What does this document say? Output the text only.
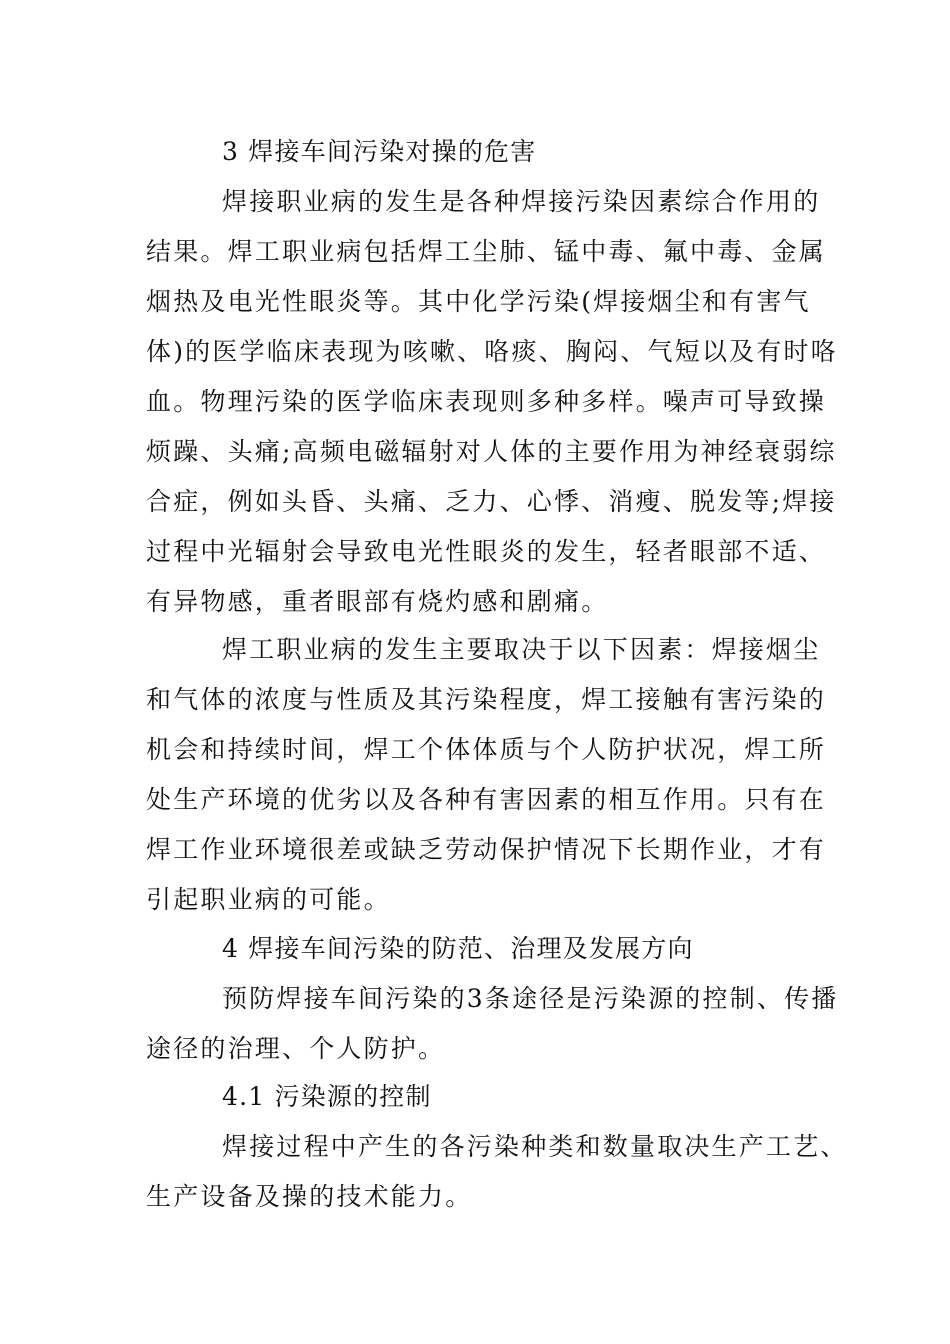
3 焊接车间污染对操的危害
焊接职业病的发生是各种焊接污染因素综合作用的
结果。焊工职业病包括焊工尘肺、锰中毒、氟中毒、金属
烟热及电光性眼炎等。其中化学污染(焊接烟尘和有害气
体)的医学临床表现为咳嗽、咯痰、胸闷、气短以及有时咯
血。物理污染的医学临床表现则多种多样。噪声可导致操
烦躁、头痛;高频电磁辐射对人体的主要作用为神经衰弱综
合症，例如头昏、头痛、乏力、心悸、消瘦、脱发等;焊接
过程中光辐射会导致电光性眼炎的发生，轻者眼部不适、
有异物感，重者眼部有烧灼感和剧痛。
焊工职业病的发生主要取决于以下因素：焊接烟尘
和气体的浓度与性质及其污染程度，焊工接触有害污染的
机会和持续时间，焊工个体体质与个人防护状况，焊工所
处生产环境的优劣以及各种有害因素的相互作用。只有在
焊工作业环境很差或缺乏劳动保护情况下长期作业，才有
引起职业病的可能。
4 焊接车间污染的防范、治理及发展方向
预防焊接车间污染的3条途径是污染源的控制、传播
途径的治理、个人防护。
4.1 污染源的控制
焊接过程中产生的各污染种类和数量取决生产工艺、
生产设备及操的技术能力。
